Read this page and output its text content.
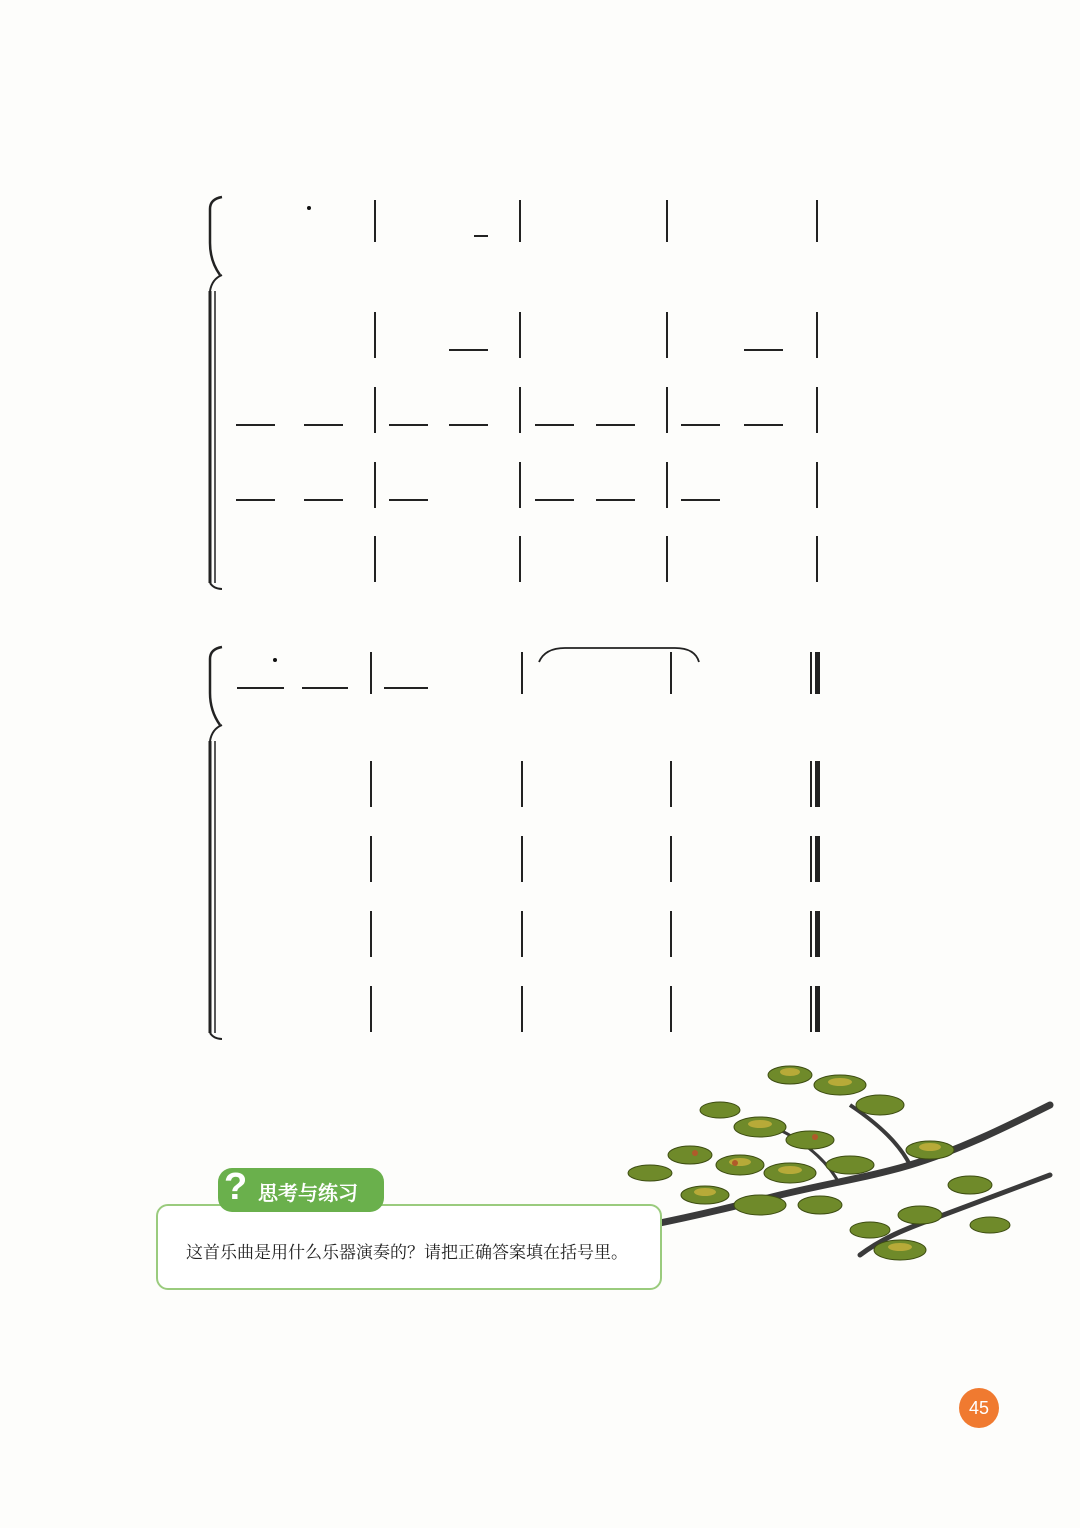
这首乐曲是用什么乐器演奏的？请把正确答案填在括号里。
? 思考与练习
45
